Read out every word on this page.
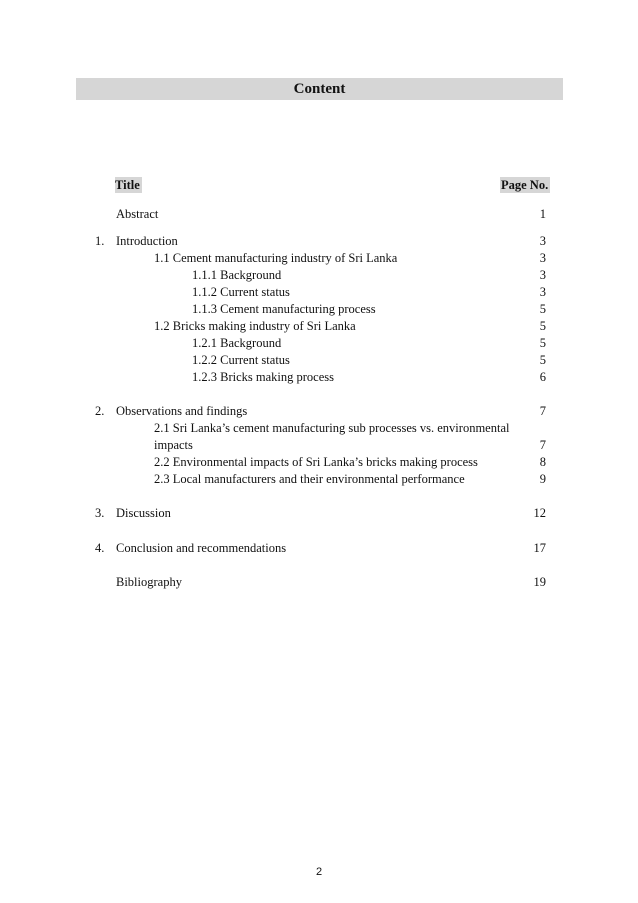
Content
Title	Page No.
Abstract	1
1. Introduction	3
1.1 Cement manufacturing industry of Sri Lanka	3
1.1.1 Background	3
1.1.2 Current status	3
1.1.3 Cement manufacturing process	5
1.2 Bricks making industry of Sri Lanka	5
1.2.1 Background	5
1.2.2 Current status	5
1.2.3 Bricks making process	6
2. Observations and findings	7
2.1 Sri Lanka’s cement manufacturing sub processes vs. environmental
impacts	7
2.2 Environmental impacts of Sri Lanka’s bricks making process	8
2.3 Local manufacturers and their environmental performance	9
3. Discussion	12
4. Conclusion and recommendations	17
Bibliography	19
2
